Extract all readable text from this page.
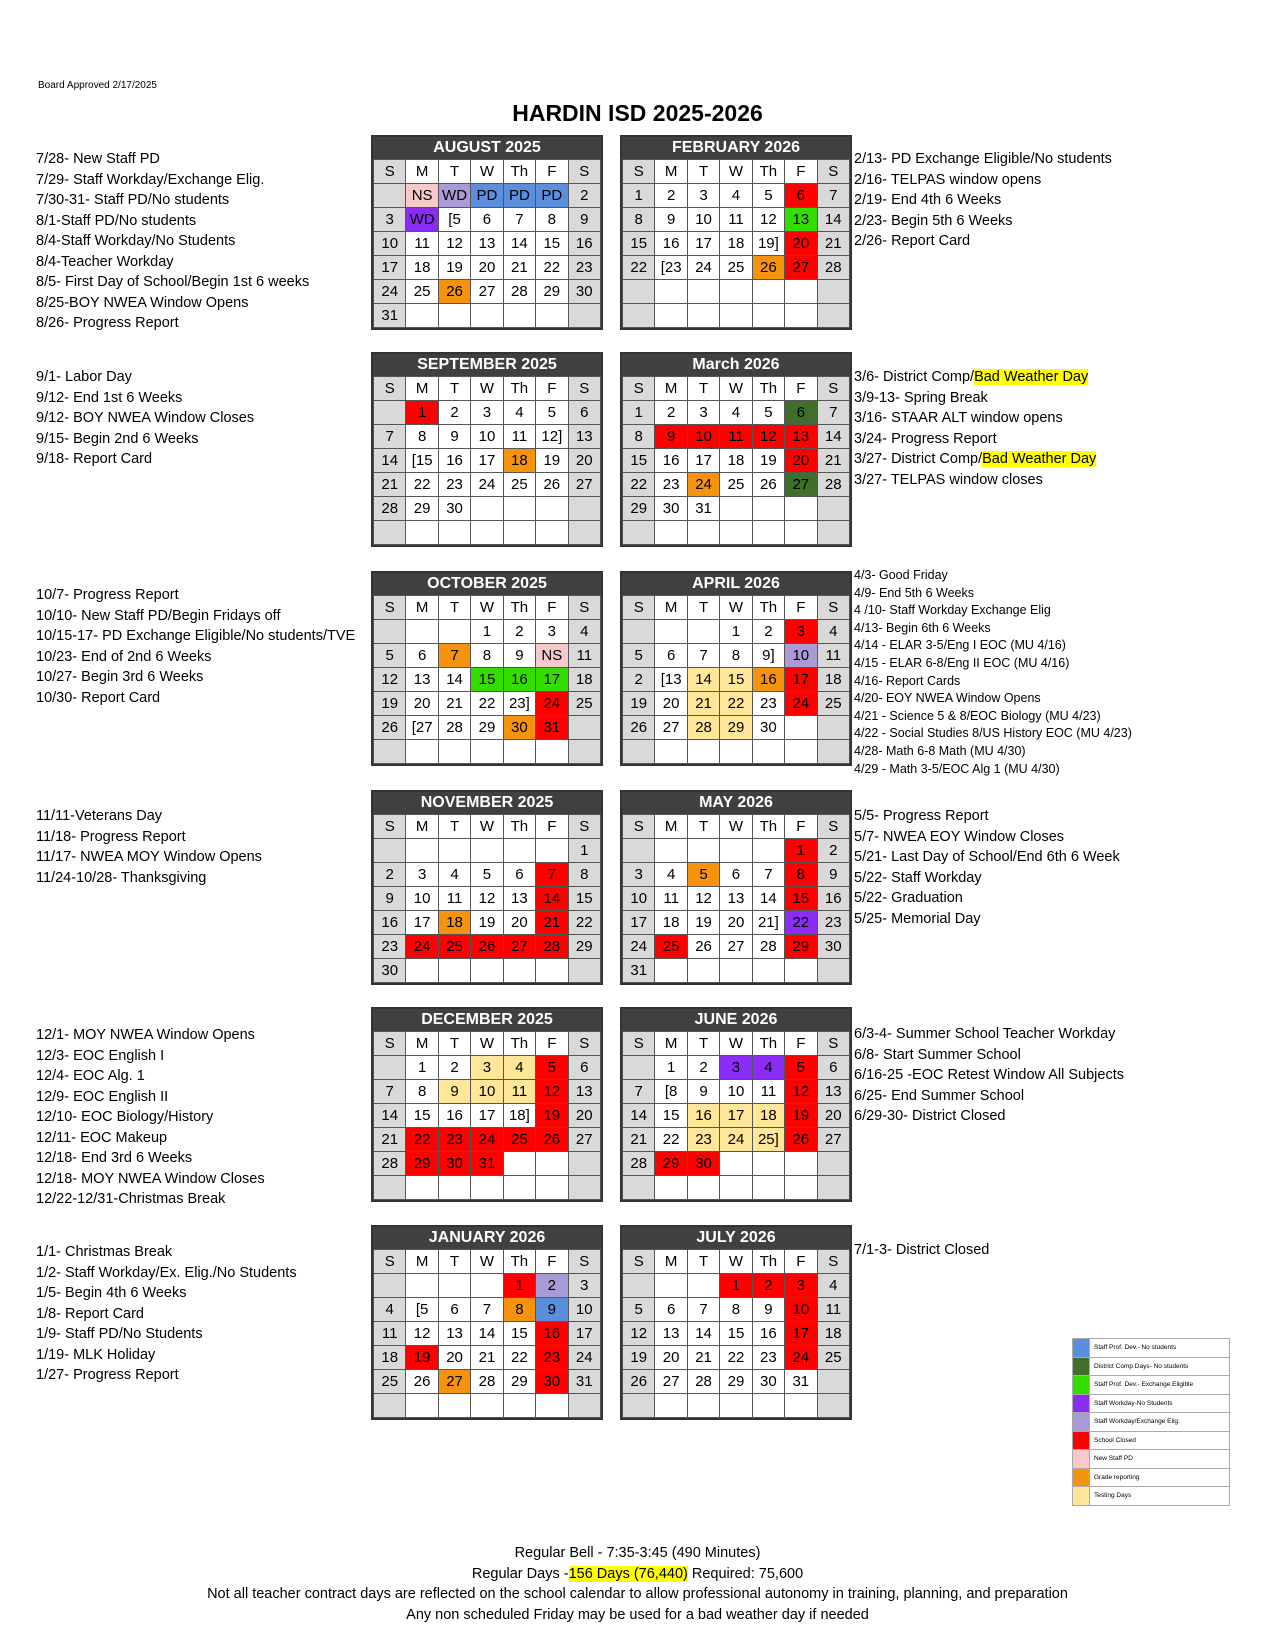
Board Approved 2/17/2025
HARDIN ISD 2025-2026
AUGUST 2025
S	M	T	W	Th	F	S
	NS	WD	PD	PD	PD	2
3	WD	[5	6	7	8	9
10	11	12	13	14	15	16
17	18	19	20	21	22	23
24	25	26	27	28	29	30
31						
FEBRUARY 2026
S	M	T	W	Th	F	S
1	2	3	4	5	6	7
8	9	10	11	12	13	14
15	16	17	18	19]	20	21
22	[23	24	25	26	27	28

SEPTEMBER 2025
S	M	T	W	Th	F	S
	1	2	3	4	5	6
7	8	9	10	11	12]	13
14	[15	16	17	18	19	20
21	22	23	24	25	26	27
28	29	30				

March 2026
S	M	T	W	Th	F	S
1	2	3	4	5	6	7
8	9	10	11	12	13	14
15	16	17	18	19	20	21
22	23	24	25	26	27	28
29	30	31				

OCTOBER 2025
S	M	T	W	Th	F	S
			1	2	3	4
5	6	7	8	9	NS	11
12	13	14	15	16	17	18
19	20	21	22	23]	24	25
26	[27	28	29	30	31	

APRIL 2026
S	M	T	W	Th	F	S
			1	2	3	4
5	6	7	8	9]	10	11
2	[13	14	15	16	17	18
19	20	21	22	23	24	25
26	27	28	29	30		

NOVEMBER 2025
S	M	T	W	Th	F	S
						1
2	3	4	5	6	7	8
9	10	11	12	13	14	15
16	17	18	19	20	21	22
23	24	25	26	27	28	29
30						
MAY 2026
S	M	T	W	Th	F	S
					1	2
3	4	5	6	7	8	9
10	11	12	13	14	15	16
17	18	19	20	21]	22	23
24	25	26	27	28	29	30
31						
DECEMBER 2025
S	M	T	W	Th	F	S
	1	2	3	4	5	6
7	8	9	10	11	12	13
14	15	16	17	18]	19	20
21	22	23	24	25	26	27
28	29	30	31			

JUNE 2026
S	M	T	W	Th	F	S
	1	2	3	4	5	6
7	[8	9	10	11	12	13
14	15	16	17	18	19	20
21	22	23	24	25]	26	27
28	29	30				

JANUARY 2026
S	M	T	W	Th	F	S
				1	2	3
4	[5	6	7	8	9	10
11	12	13	14	15	16	17
18	19	20	21	22	23	24
25	26	27	28	29	30	31

JULY 2026
S	M	T	W	Th	F	S
			1	2	3	4
5	6	7	8	9	10	11
12	13	14	15	16	17	18
19	20	21	22	23	24	25
26	27	28	29	30	31	

	Staff Prof. Dev.- No students
	District Comp Days- No students
	Staff Prof. Dev.- Exchange Eligible
	Staff Workday-No Students
	Staff Workday/Exchange Elig.
	School Closed
	New Staff PD
	Grade reporting
	Testing Days
Regular Bell - 7:35-3:45 (490 Minutes)
Regular Days -156 Days (76,440) Required: 75,600
Not all teacher contract days are reflected on the school calendar to allow professional autonomy in training, planning, and preparation
Any non scheduled Friday may be used for a bad weather day if needed
7/28- New Staff PD
7/29- Staff Workday/Exchange Elig.
7/30-31- Staff PD/No students
8/1-Staff PD/No students
8/4-Staff Workday/No Students
8/4-Teacher Workday
8/5- First Day of School/Begin 1st 6 weeks
8/25-BOY NWEA Window Opens
8/26- Progress Report
2/13- PD Exchange Eligible/No students
2/16- TELPAS window opens
2/19- End 4th 6 Weeks
2/23- Begin 5th 6 Weeks
2/26- Report Card
9/1- Labor Day
9/12- End 1st 6 Weeks
9/12- BOY NWEA Window Closes
9/15- Begin 2nd 6 Weeks
9/18- Report Card
3/6- District Comp/Bad Weather Day
3/9-13- Spring Break
3/16- STAAR ALT window opens
3/24- Progress Report
3/27- District Comp/Bad Weather Day
3/27- TELPAS window closes
10/7- Progress Report
10/10- New Staff PD/Begin Fridays off
10/15-17- PD Exchange Eligible/No students/TVE
10/23- End of 2nd 6 Weeks
10/27- Begin 3rd 6 Weeks
10/30- Report Card
4/3- Good Friday
4/9- End 5th 6 Weeks
4 /10- Staff Workday Exchange Elig
4/13- Begin 6th 6 Weeks
4/14 - ELAR 3-5/Eng I EOC (MU 4/16)
4/15 - ELAR 6-8/Eng II EOC (MU 4/16)
4/16- Report Cards
4/20- EOY NWEA Window Opens
4/21 - Science 5 & 8/EOC Biology (MU 4/23)
4/22 - Social Studies 8/US History EOC (MU 4/23)
4/28- Math 6-8 Math (MU 4/30)
4/29 - Math 3-5/EOC Alg 1 (MU 4/30)
11/11-Veterans Day
11/18- Progress Report
11/17- NWEA MOY Window Opens
11/24-10/28- Thanksgiving
5/5- Progress Report
5/7- NWEA EOY Window Closes
5/21- Last Day of School/End 6th 6 Week
5/22- Staff Workday
5/22- Graduation
5/25- Memorial Day
12/1- MOY NWEA Window Opens
12/3- EOC English I
12/4- EOC Alg. 1
12/9- EOC English II
12/10- EOC Biology/History
12/11- EOC Makeup
12/18- End 3rd 6 Weeks
12/18- MOY NWEA Window Closes
12/22-12/31-Christmas Break
6/3-4- Summer School Teacher Workday
6/8- Start Summer School
6/16-25 -EOC Retest Window All Subjects
6/25- End Summer School
6/29-30- District Closed
1/1- Christmas Break
1/2- Staff Workday/Ex. Elig./No Students
1/5- Begin 4th 6 Weeks
1/8- Report Card
1/9- Staff PD/No Students
1/19- MLK Holiday
1/27- Progress Report
7/1-3- District Closed
